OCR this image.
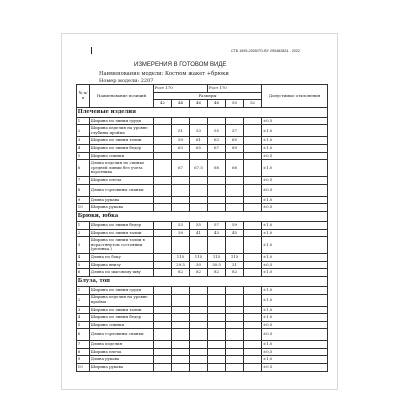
СТБ 1593-2005/ТО-BY 290482824 - 2022
ИЗМЕРЕНИЯ В ГОТОВОМ ВИДЕ
Наименование модели: Костюм жакет +брюки
Номер модели: 2207
№ п/п	Наименование позиций	Рост 170			Рост 170			Допустимые отклонения
		Размеры						
		42	44	46	48	50	52	
Плечевые изделия								
1	Ширина по линии груди							±0,5
2	Ширина изделия на уровне глубины пройма		51	53	55	57		±1,0
3	Ширина по линии талии		59	61	63	65		±1,0
4	Ширина по линии бедер		63	65	67	69		±1,0
5	Ширина спинки							±0,5
6	Длина изделия по спинке средней линии без учета воротника		67	67.5	68	68		±1,0
7	Ширина плеча							±0,5
8	Длина горловины спинки							±0,5
9	Длина рукава							±1,0
10	Ширина рукава							±0,5
Брюки, юбка								
1	Ширина по линии бедер		53	55	57	59		±1,0
2	Ширина по линии талии		39	41	43	45		±1,0
3	Ширина по линии талии в нерастянутом состоянии (резинка.)							±1,0
4	Длина по боку		115	115	115	115		±1,0
5	Ширина внизу		29.5	30	30.5	31		±0,5
6	Длина по шаговому шву		82	82	82	82		±1,0
Блуза, топ								
1	Ширина по линии груди							±1,0
2	Ширина изделия на уровне пройма							±1,0
3	Ширина по линии талии							±1,0
4	Ширина по линии бедер							±1,0
5	Ширина спинки							±0,5
6	Длина горловины спинки							±0,5
7	Длина изделия							±1,0
8	Ширина плеча							±0,5
9	Длина рукава							±1,0
10	Ширина рукава							±0,5
